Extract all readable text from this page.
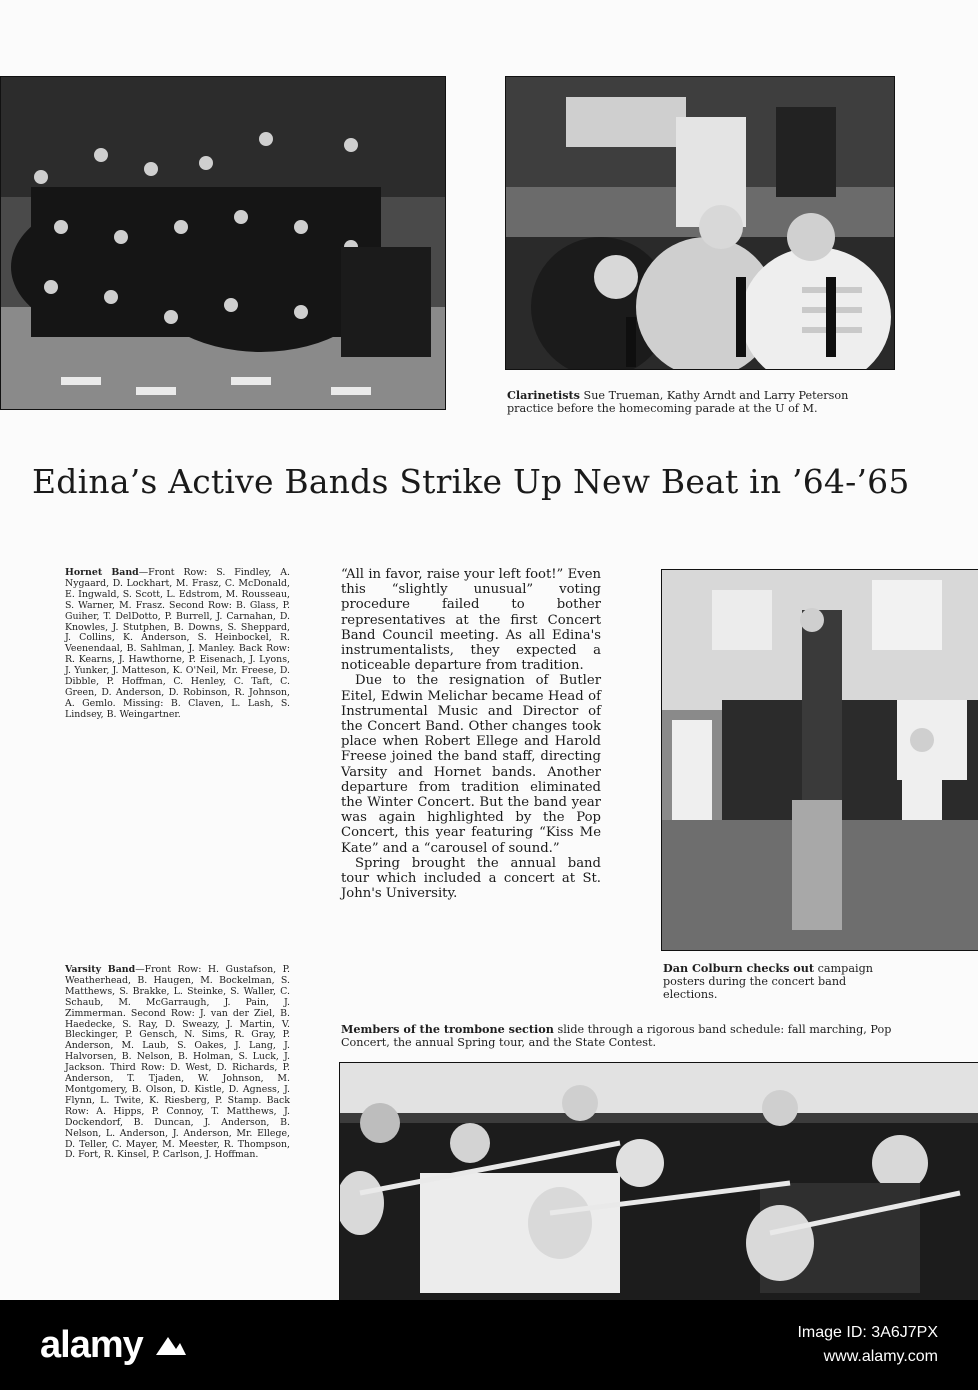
Clarinetists Sue Trueman, Kathy Arndt and Larry Peterson practice before the homecoming parade at the U of M.
Edina’s Active Bands Strike Up New Beat in ’64-’65
Hornet Band—Front Row: S. Findley, A. Nygaard, D. Lockhart, M. Frasz, C. McDonald, E. Ingwald, S. Scott, L. Edstrom, M. Rousseau, S. Warner, M. Frasz. Second Row: B. Glass, P. Guiher, T. DelDotto, P. Burrell, J. Carnahan, D. Knowles, J. Stutphen, B. Downs, S. Sheppard, J. Collins, K. Anderson, S. Heinbockel, R. Veenendaal, B. Sahlman, J. Manley. Back Row: R. Kearns, J. Hawthorne, P. Eisenach, J. Lyons, J. Yunker, J. Matteson, K. O'Neil, Mr. Freese, D. Dibble, P. Hoffman, C. Henley, C. Taft, C. Green, D. Anderson, D. Robinson, R. Johnson, A. Gemlo. Missing: B. Claven, L. Lash, S. Lindsey, B. Weingartner.
Varsity Band—Front Row: H. Gustafson, P. Weatherhead, B. Haugen, M. Bockelman, S. Matthews, S. Brakke, L. Steinke, S. Waller, C. Schaub, M. McGarraugh, J. Pain, J. Zimmerman. Second Row: J. van der Ziel, B. Haedecke, S. Ray, D. Sweazy, J. Martin, V. Bleckinger, P. Gensch, N. Sims, R. Gray, P. Anderson, M. Laub, S. Oakes, J. Lang, J. Halvorsen, B. Nelson, B. Holman, S. Luck, J. Jackson. Third Row: D. West, D. Richards, P. Anderson, T. Tjaden, W. Johnson, M. Montgomery, B. Olson, D. Kistle, D. Agness, J. Flynn, L. Twite, K. Riesberg, P. Stamp. Back Row: A. Hipps, P. Connoy, T. Matthews, J. Dockendorf, B. Duncan, J. Anderson, B. Nelson, L. Anderson, J. Anderson, Mr. Ellege, D. Teller, C. Mayer, M. Meester, R. Thompson, D. Fort, R. Kinsel, P. Carlson, J. Hoffman.

“All in favor, raise your left foot!” Even this “slightly unusual” voting procedure failed to bother representatives at the first Concert Band Council meeting. As all Edina's instrumentalists, they expected a noticeable departure from tradition.

Due to the resignation of Butler Eitel, Edwin Melichar became Head of Instrumental Music and Director of the Concert Band. Other changes took place when Robert Ellege and Harold Freese joined the band staff, directing Varsity and Hornet bands. Another departure from tradition eliminated the Winter Concert. But the band year was again highlighted by the Pop Concert, this year featuring “Kiss Me Kate” and a “carousel of sound.”

Spring brought the annual band tour which included a concert at St. John's University.

Dan Colburn checks out campaign posters during the concert band elections.
Members of the trombone section slide through a rigorous band schedule: fall marching, Pop Concert, the annual Spring tour, and the State Contest.
alamy	Image ID: 3A6J7PX
www.alamy.com
